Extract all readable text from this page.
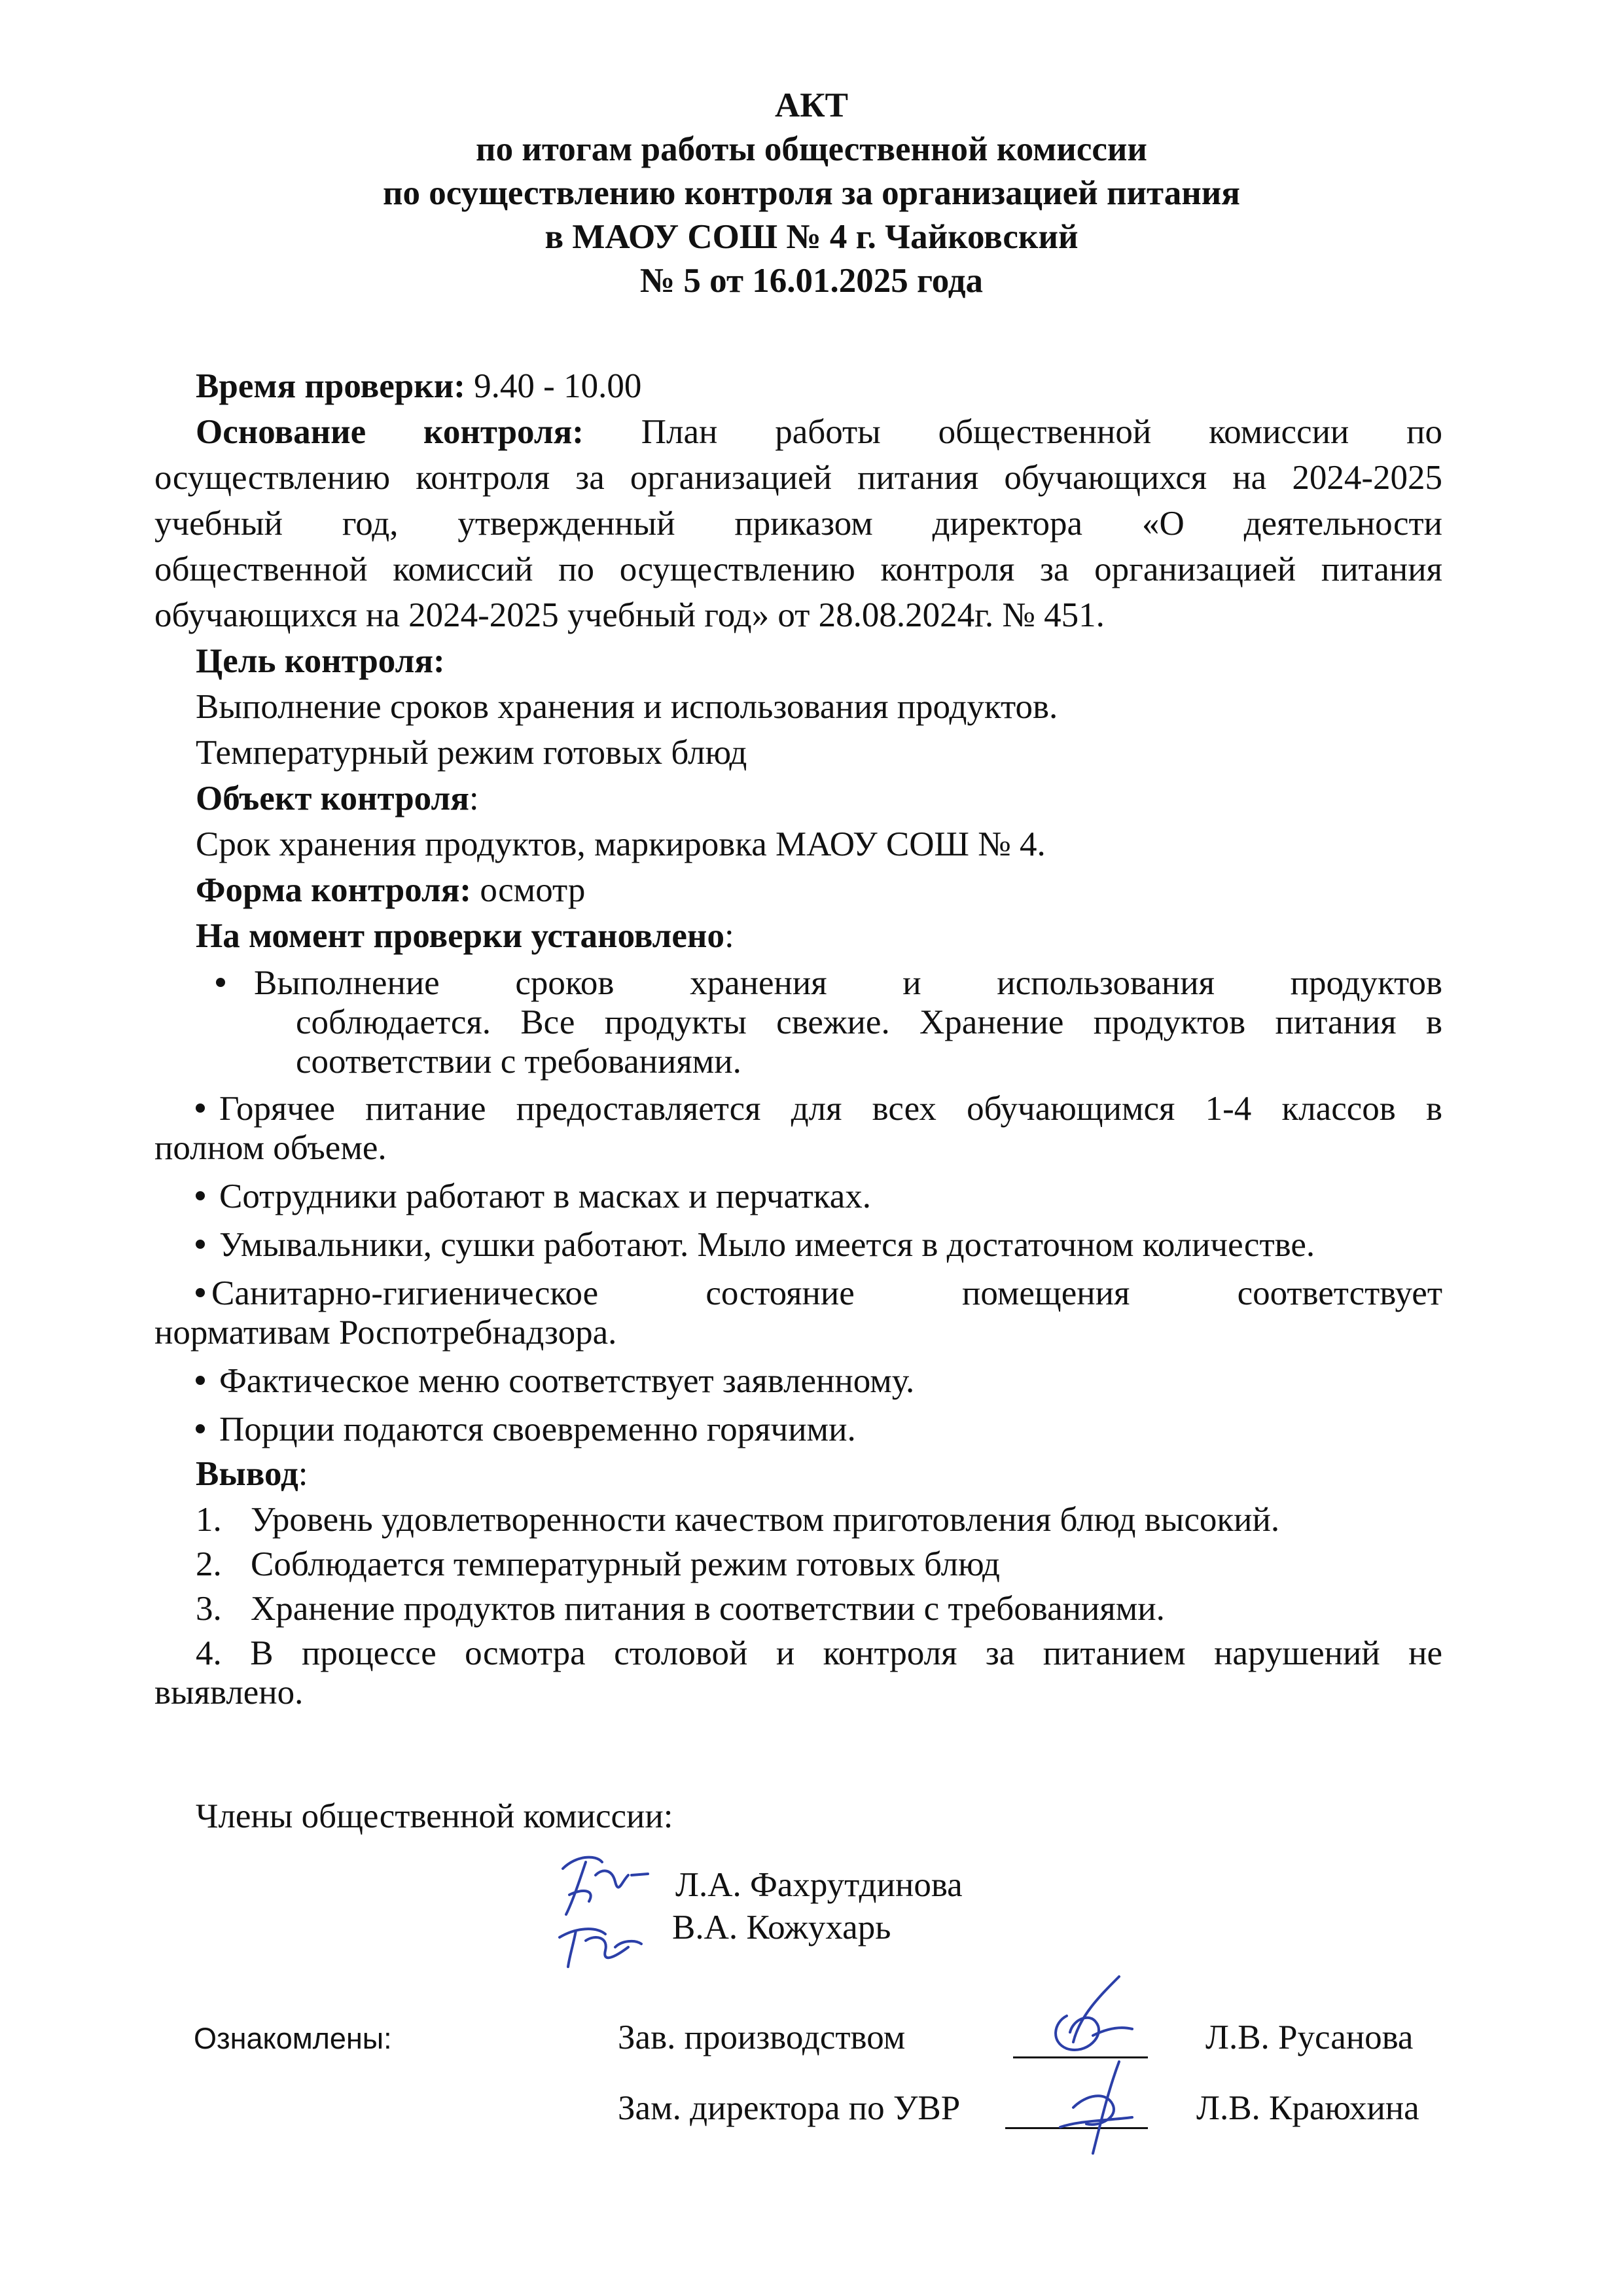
АКТ
по итогам работы общественной комиссии
по осуществлению контроля за организацией питания
в МАОУ СОШ № 4 г. Чайковский
№ 5 от 16.01.2025 года
Время проверки: 9.40 - 10.00
Основание контроля: План работы общественной комиссии по
осуществлению контроля за организацией питания обучающихся на 2024-2025
учебный год, утвержденный приказом директора «О деятельности
общественной комиссий по осуществлению контроля за организацией питания
обучающихся на 2024-2025 учебный год» от 28.08.2024г. № 451.
Цель контроля:
Выполнение сроков хранения и использования продуктов.
Температурный режим готовых блюд
Объект контроля:
Срок хранения продуктов, маркировка МАОУ СОШ № 4.
Форма контроля: осмотр
На момент проверки установлено:
Выполнение сроков хранения и использования продуктов
соблюдается. Все продукты свежие. Хранение продуктов питания в
соответствии с требованиями.
Горячее питание предоставляется для всех обучающимся 1-4 классов в
полном объеме.
Сотрудники работают в масках и перчатках.
Умывальники, сушки работают. Мыло имеется в достаточном количестве.
Санитарно-гигиеническое состояние помещения соответствует
нормативам Роспотребнадзора.
Фактическое меню соответствует заявленному.
Порции подаются своевременно горячими.
Вывод:
1. Уровень удовлетворенности качеством приготовления блюд высокий.
2. Соблюдается температурный режим готовых блюд
3. Хранение продуктов питания в соответствии с требованиями.
4. В процессе осмотра столовой и контроля за питанием нарушений не
выявлено.
Члены общественной комиссии:
Л.А. Фахрутдинова
В.А. Кожухарь
Ознакомлены:	Зав. производством	Л.В. Русанова
Зам. директора по УВР	Л.В. Краюхина
